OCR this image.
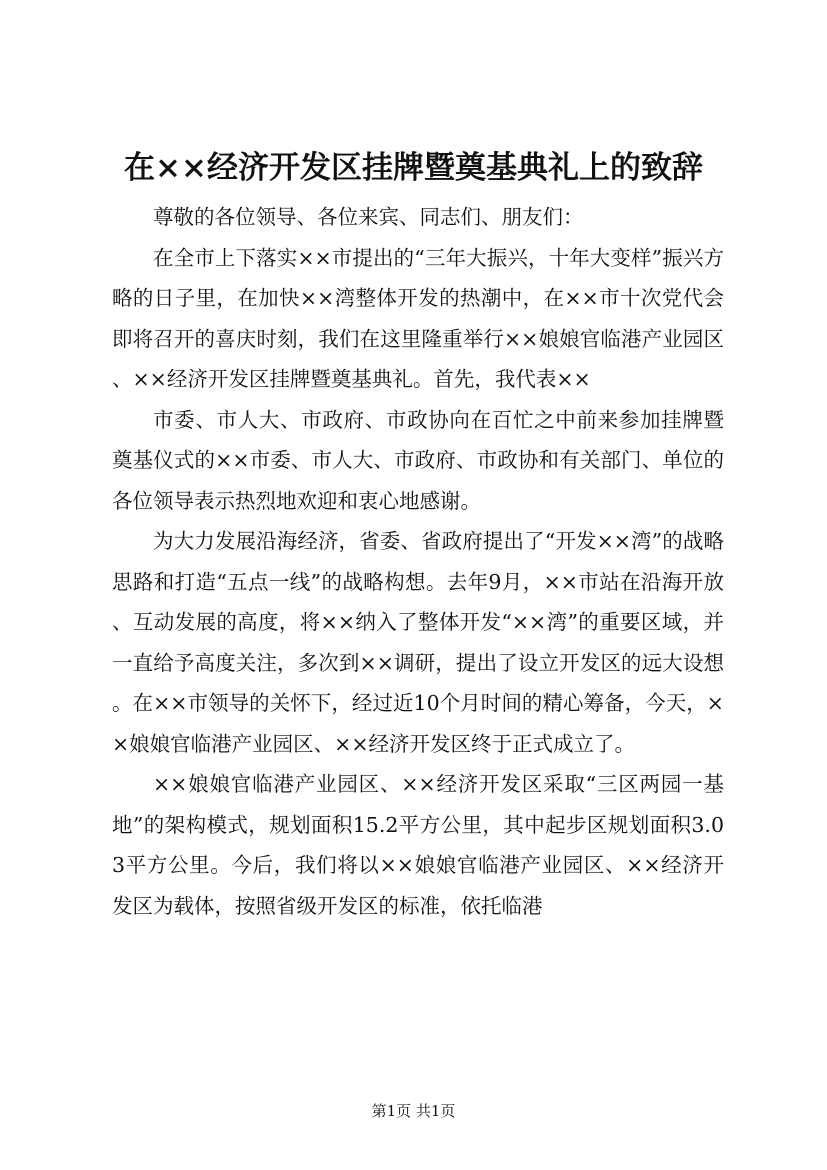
在××经济开发区挂牌暨奠基典礼上的致辞

尊敬的各位领导、各位来宾、同志们、朋友们：

在全市上下落实××市提出的“三年大振兴，十年大变样”振兴方略的日子里，在加快××湾整体开发的热潮中，在××市十次党代会即将召开的喜庆时刻，我们在这里隆重举行××娘娘官临港产业园区、××经济开发区挂牌暨奠基典礼。首先，我代表××

市委、市人大、市政府、市政协向在百忙之中前来参加挂牌暨奠基仪式的××市委、市人大、市政府、市政协和有关部门、单位的各位领导表示热烈地欢迎和衷心地感谢。

为大力发展沿海经济，省委、省政府提出了“开发××湾”的战略思路和打造“五点一线”的战略构想。去年9月，××市站在沿海开放、互动发展的高度，将××纳入了整体开发“××湾”的重要区域，并一直给予高度关注，多次到××调研，提出了设立开发区的远大设想。在××市领导的关怀下，经过近10个月时间的精心筹备，今天，××娘娘官临港产业园区、××经济开发区终于正式成立了。

××娘娘官临港产业园区、××经济开发区采取“三区两园一基地”的架构模式，规划面积15.2平方公里，其中起步区规划面积3.03平方公里。今后，我们将以××娘娘官临港产业园区、××经济开发区为载体，按照省级开发区的标准，依托临港

第1页 共1页
